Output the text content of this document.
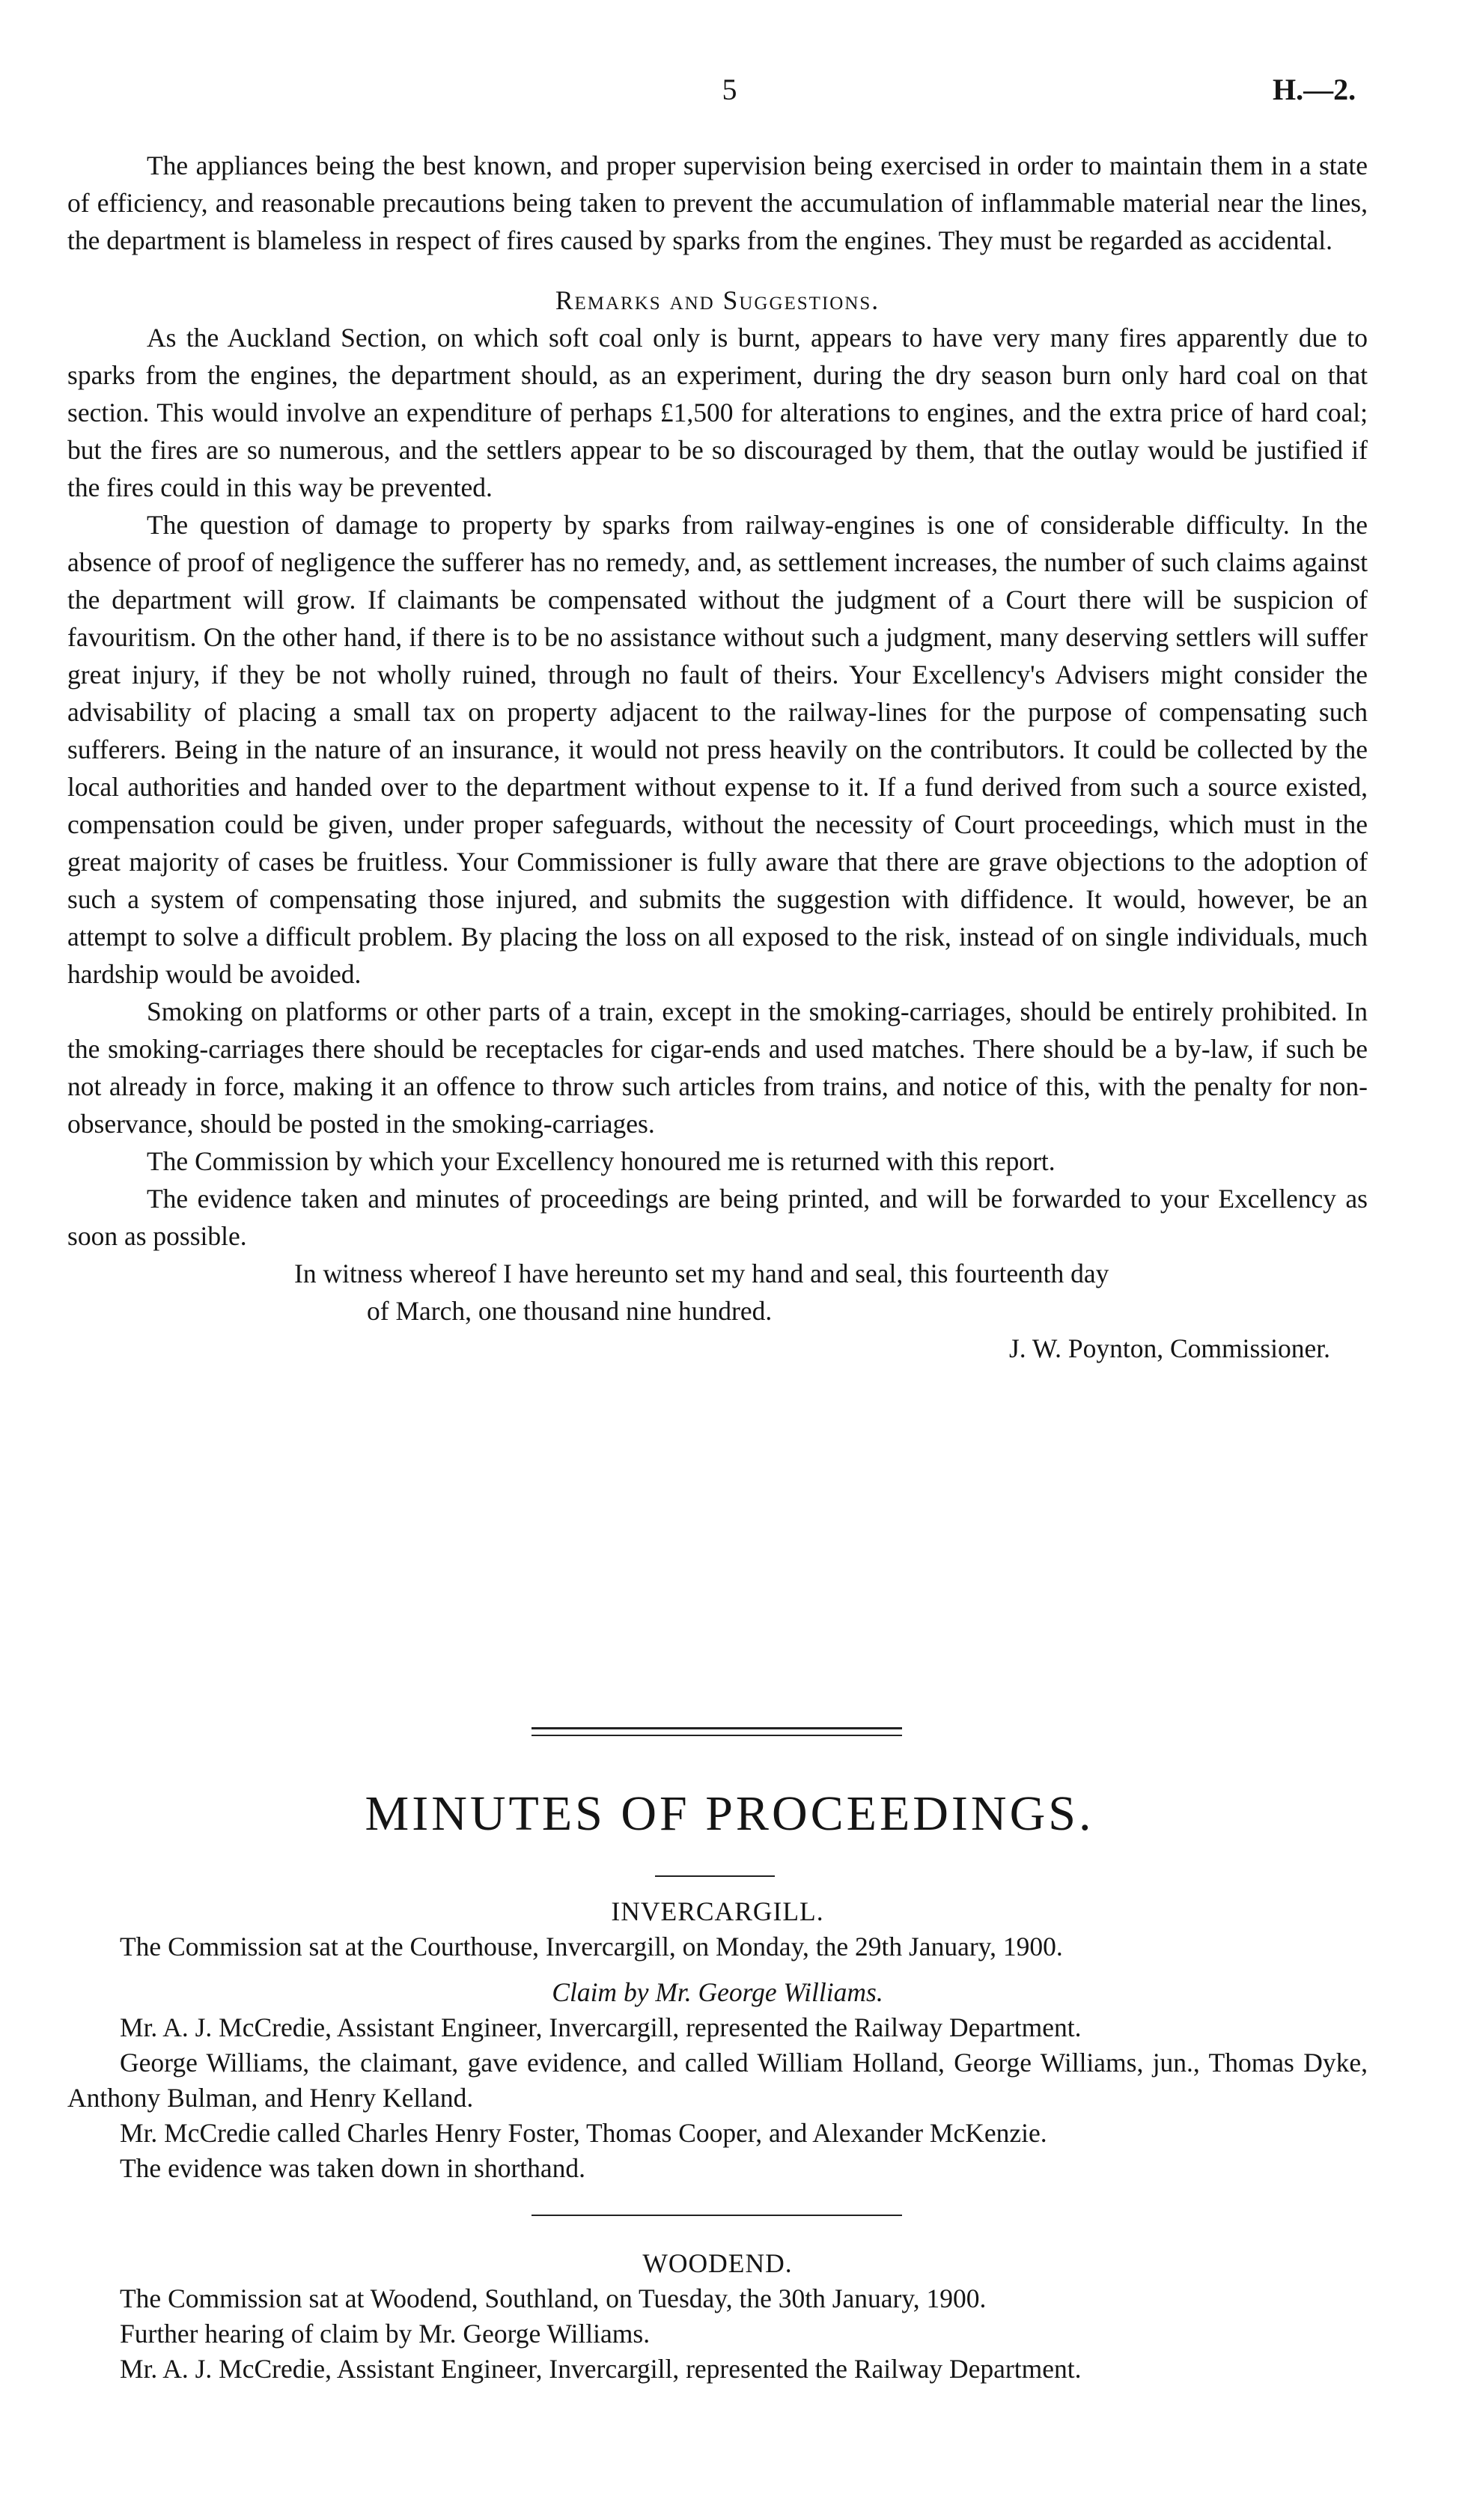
5	H.—2.

The appliances being the best known, and proper supervision being exercised in order to maintain them in a state of efficiency, and reasonable precautions being taken to prevent the accumulation of inflammable material near the lines, the department is blameless in respect of fires caused by sparks from the engines. They must be regarded as accidental.

Remarks and Suggestions.

As the Auckland Section, on which soft coal only is burnt, appears to have very many fires apparently due to sparks from the engines, the department should, as an experiment, during the dry season burn only hard coal on that section. This would involve an expenditure of perhaps £1,500 for alterations to engines, and the extra price of hard coal; but the fires are so numerous, and the settlers appear to be so discouraged by them, that the outlay would be justified if the fires could in this way be prevented.

The question of damage to property by sparks from railway-engines is one of considerable difficulty. In the absence of proof of negligence the sufferer has no remedy, and, as settlement increases, the number of such claims against the department will grow. If claimants be compensated without the judgment of a Court there will be suspicion of favouritism. On the other hand, if there is to be no assistance without such a judgment, many deserving settlers will suffer great injury, if they be not wholly ruined, through no fault of theirs. Your Excellency's Advisers might consider the advisability of placing a small tax on property adjacent to the railway-lines for the purpose of compensating such sufferers. Being in the nature of an insurance, it would not press heavily on the contributors. It could be collected by the local authorities and handed over to the department without expense to it. If a fund derived from such a source existed, compensation could be given, under proper safeguards, without the necessity of Court proceedings, which must in the great majority of cases be fruitless. Your Commissioner is fully aware that there are grave objections to the adoption of such a system of compensating those injured, and submits the suggestion with diffidence. It would, however, be an attempt to solve a difficult problem. By placing the loss on all exposed to the risk, instead of on single individuals, much hardship would be avoided.

Smoking on platforms or other parts of a train, except in the smoking-carriages, should be entirely prohibited. In the smoking-carriages there should be receptacles for cigar-ends and used matches. There should be a by-law, if such be not already in force, making it an offence to throw such articles from trains, and notice of this, with the penalty for non-observance, should be posted in the smoking-carriages.

The Commission by which your Excellency honoured me is returned with this report.

The evidence taken and minutes of proceedings are being printed, and will be forwarded to your Excellency as soon as possible.

In witness whereof I have hereunto set my hand and seal, this fourteenth day

of March, one thousand nine hundred.

J. W. Poynton, Commissioner.

MINUTES OF PROCEEDINGS.

INVERCARGILL.

The Commission sat at the Courthouse, Invercargill, on Monday, the 29th January, 1900.

Claim by Mr. George Williams.

Mr. A. J. McCredie, Assistant Engineer, Invercargill, represented the Railway Department.

George Williams, the claimant, gave evidence, and called William Holland, George Williams, jun., Thomas Dyke, Anthony Bulman, and Henry Kelland.

Mr. McCredie called Charles Henry Foster, Thomas Cooper, and Alexander McKenzie.

The evidence was taken down in shorthand.

WOODEND.

The Commission sat at Woodend, Southland, on Tuesday, the 30th January, 1900.

Further hearing of claim by Mr. George Williams.

Mr. A. J. McCredie, Assistant Engineer, Invercargill, represented the Railway Department.
